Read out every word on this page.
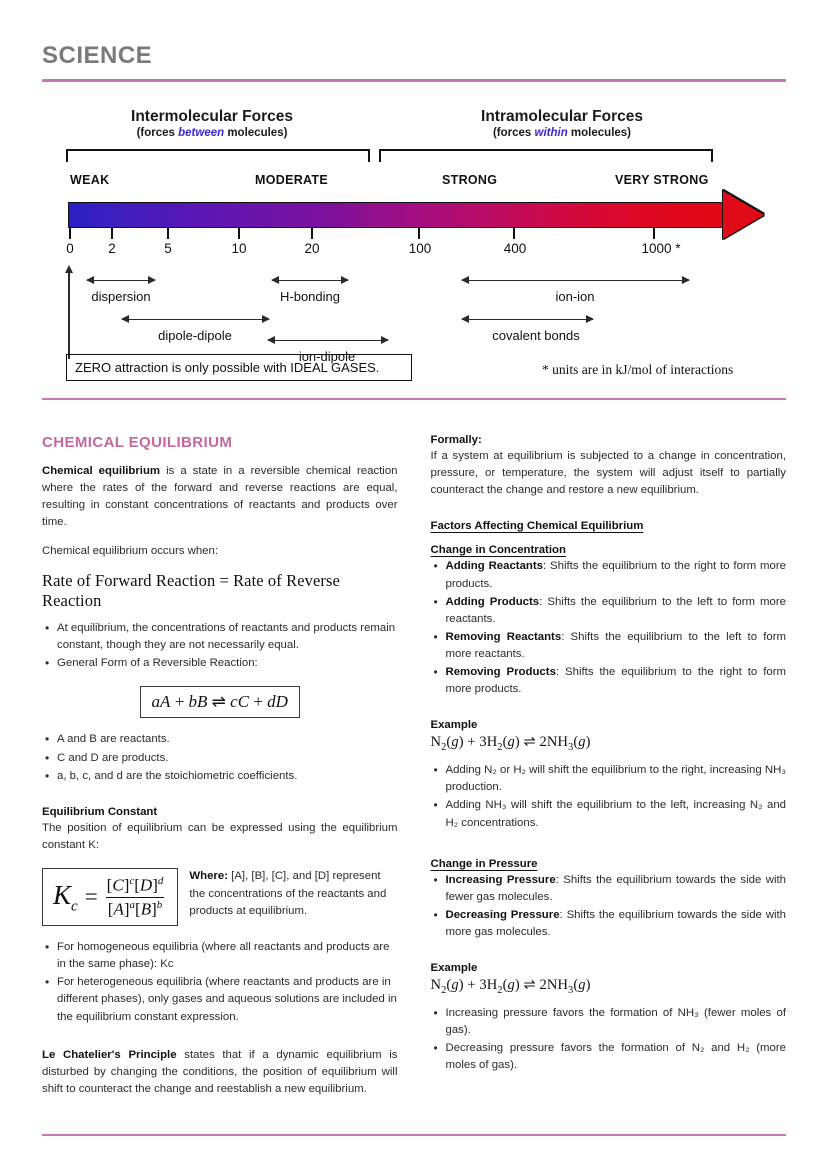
SCIENCE
Intermolecular Forces
(forces between molecules)
Intramolecular Forces
(forces within molecules)
WEAK	MODERATE	STRONG	VERY STRONG
0	2	5	10	20	100	400	1000 *
dispersion	H-bonding	ion-ion
dipole-dipole	covalent bonds
ion-dipole
ZERO attraction is only possible with IDEAL GASES.	* units are in kJ/mol of interactions
CHEMICAL EQUILIBRIUM

Chemical equilibrium is a state in a reversible chemical reaction where the rates of the forward and reverse reactions are equal, resulting in constant concentrations of reactants and products over time.

Chemical equilibrium occurs when:

Rate of Forward Reaction = Rate of Reverse Reaction
• At equilibrium, the concentrations of reactants and products remain constant, though they are not necessarily equal.
• General Form of a Reversible Reaction:
aA + bB ⇌ cC + dD
• A and B are reactants.
• C and D are products.
• a, b, c, and d are the stoichiometric coefficients.
Equilibrium Constant

The position of equilibrium can be expressed using the equilibrium constant K:

$K_c = \frac{[C]^c[D]^d}{[A]^a[B]^b}$ Where: [A], [B], [C], and [D] represent the concentrations of the reactants and products at equilibrium.
• For homogeneous equilibria (where all reactants and products are in the same phase): Kc
• For heterogeneous equilibria (where reactants and products are in different phases), only gases and aqueous solutions are included in the equilibrium constant expression.

Le Chatelier's Principle states that if a dynamic equilibrium is disturbed by changing the conditions, the position of equilibrium will shift to counteract the change and reestablish a new equilibrium.

Formally:

If a system at equilibrium is subjected to a change in concentration, pressure, or temperature, the system will adjust itself to partially counteract the change and restore a new equilibrium.

Factors Affecting Chemical Equilibrium
Change in Concentration
• Adding Reactants: Shifts the equilibrium to the right to form more products.
• Adding Products: Shifts the equilibrium to the left to form more reactants.
• Removing Reactants: Shifts the equilibrium to the left to form more reactants.
• Removing Products: Shifts the equilibrium to the right to form more products.
Example
$N_2(g) + 3H_2(g)$ ⇌ $2NH_3(g)$
• Adding N₂ or H₂ will shift the equilibrium to the right, increasing NH₃ production.
• Adding NH₃ will shift the equilibrium to the left, increasing N₂ and H₂ concentrations.
Change in Pressure
• Increasing Pressure: Shifts the equilibrium towards the side with fewer gas molecules.
• Decreasing Pressure: Shifts the equilibrium towards the side with more gas molecules.
Example
$N_2(g) + 3H_2(g)$ ⇌ $2NH_3(g)$
• Increasing pressure favors the formation of NH₃ (fewer moles of gas).
• Decreasing pressure favors the formation of N₂ and H₂ (more moles of gas).
